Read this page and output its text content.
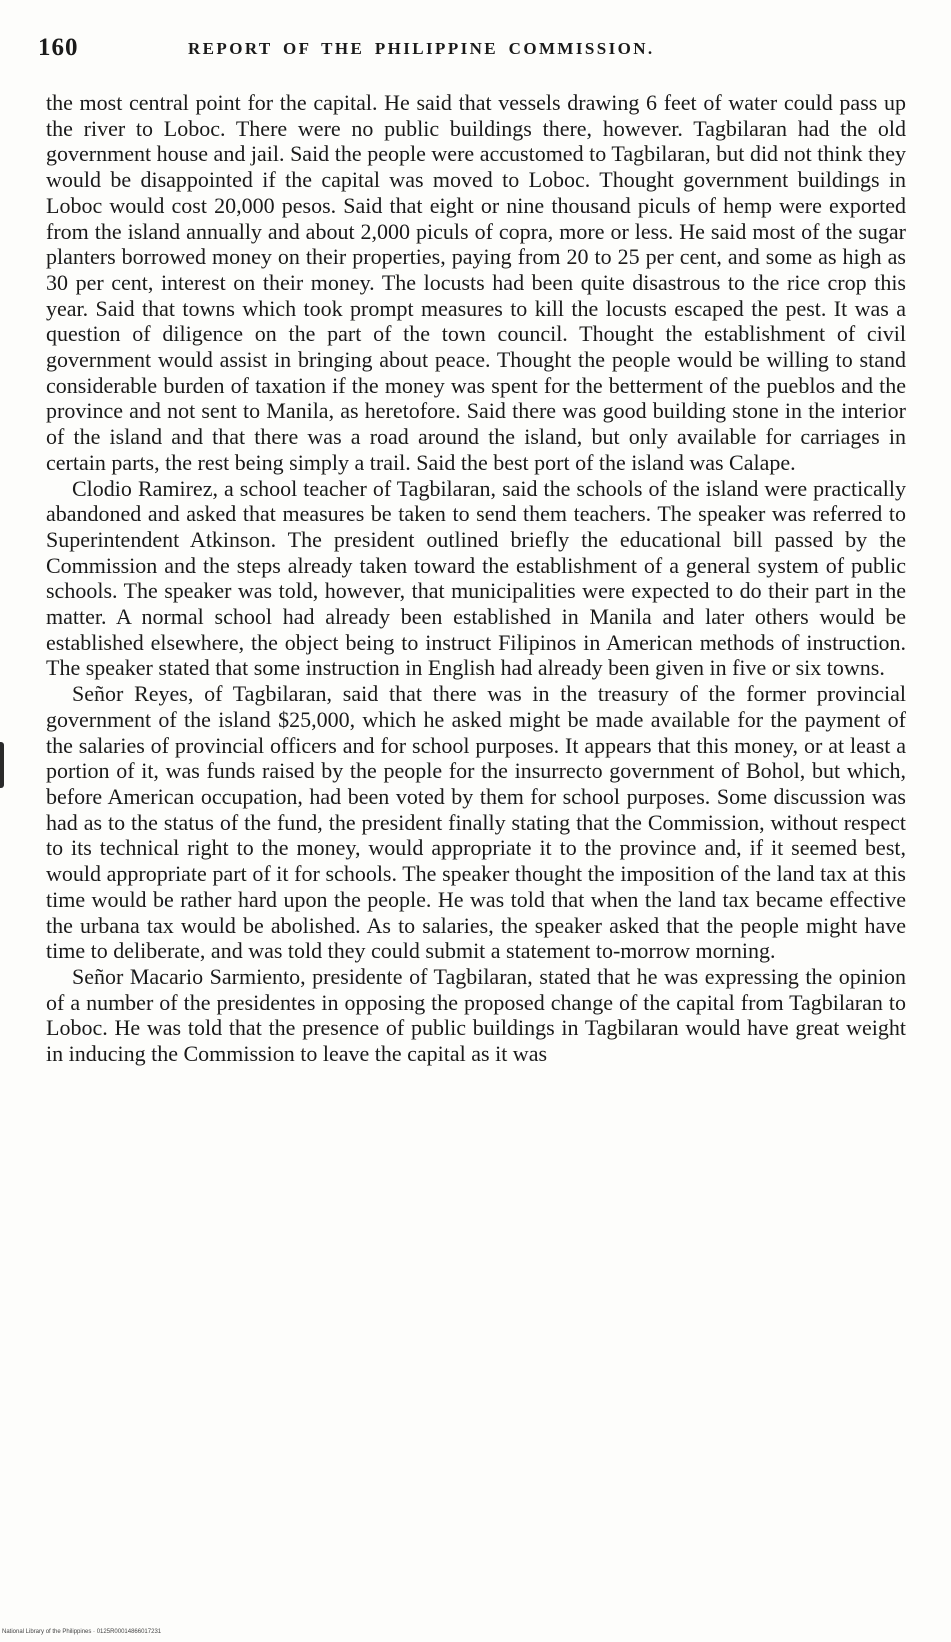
160	REPORT OF THE PHILIPPINE COMMISSION.

the most central point for the capital. He said that vessels drawing 6 feet of water could pass up the river to Loboc. There were no public buildings there, however. Tagbilaran had the old government house and jail. Said the people were accustomed to Tagbilaran, but did not think they would be disappointed if the capital was moved to Loboc. Thought government buildings in Loboc would cost 20,000 pesos. Said that eight or nine thousand piculs of hemp were exported from the island annually and about 2,000 piculs of copra, more or less. He said most of the sugar planters borrowed money on their properties, paying from 20 to 25 per cent, and some as high as 30 per cent, interest on their money. The locusts had been quite disastrous to the rice crop this year. Said that towns which took prompt measures to kill the locusts escaped the pest. It was a question of diligence on the part of the town council. Thought the establishment of civil government would assist in bringing about peace. Thought the people would be willing to stand considerable burden of taxation if the money was spent for the betterment of the pueblos and the province and not sent to Manila, as heretofore. Said there was good building stone in the interior of the island and that there was a road around the island, but only available for carriages in certain parts, the rest being simply a trail. Said the best port of the island was Calape.

Clodio Ramirez, a school teacher of Tagbilaran, said the schools of the island were practically abandoned and asked that measures be taken to send them teachers. The speaker was referred to Superintendent Atkinson. The president outlined briefly the educational bill passed by the Commission and the steps already taken toward the establishment of a general system of public schools. The speaker was told, however, that municipalities were expected to do their part in the matter. A normal school had already been established in Manila and later others would be established elsewhere, the object being to instruct Filipinos in American methods of instruction. The speaker stated that some instruction in English had already been given in five or six towns.

Señor Reyes, of Tagbilaran, said that there was in the treasury of the former provincial government of the island $25,000, which he asked might be made available for the payment of the salaries of provincial officers and for school purposes. It appears that this money, or at least a portion of it, was funds raised by the people for the insurrecto government of Bohol, but which, before American occupation, had been voted by them for school purposes. Some discussion was had as to the status of the fund, the president finally stating that the Commission, without respect to its technical right to the money, would appropriate it to the province and, if it seemed best, would appropriate part of it for schools. The speaker thought the imposition of the land tax at this time would be rather hard upon the people. He was told that when the land tax became effective the urbana tax would be abolished. As to salaries, the speaker asked that the people might have time to deliberate, and was told they could submit a statement to-morrow morning.

Señor Macario Sarmiento, presidente of Tagbilaran, stated that he was expressing the opinion of a number of the presidentes in opposing the proposed change of the capital from Tagbilaran to Loboc. He was told that the presence of public buildings in Tagbilaran would have great weight in inducing the Commission to leave the capital as it was

National Library of the Philippines · 0125R00014866017231
